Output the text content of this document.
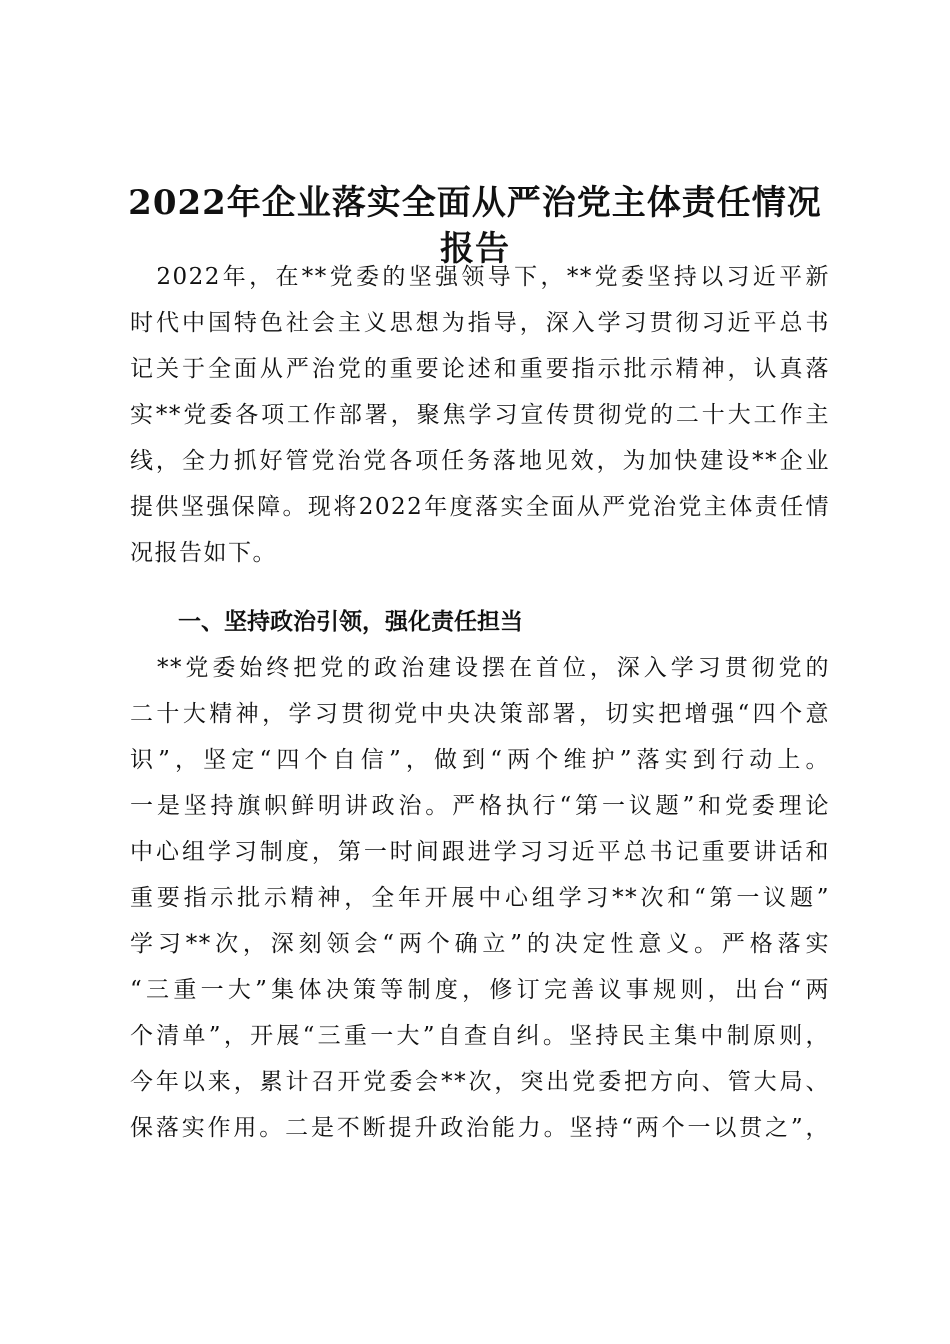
2022年企业落实全面从严治党主体责任情况
报告
　2022年，在**党委的坚强领导下，**党委坚持以习近平新
时代中国特色社会主义思想为指导，深入学习贯彻习近平总书
记关于全面从严治党的重要论述和重要指示批示精神，认真落
实**党委各项工作部署，聚焦学习宣传贯彻党的二十大工作主
线，全力抓好管党治党各项任务落地见效，为加快建设**企业
提供坚强保障。现将2022年度落实全面从严党治党主体责任情
况报告如下。
一、坚持政治引领，强化责任担当
　**党委始终把党的政治建设摆在首位，深入学习贯彻党的
二十大精神，学习贯彻党中央决策部署，切实把增强“四个意
识”，坚定“四个自信”，做到“两个维护”落实到行动上。
一是坚持旗帜鲜明讲政治。严格执行“第一议题”和党委理论
中心组学习制度，第一时间跟进学习习近平总书记重要讲话和
重要指示批示精神，全年开展中心组学习**次和“第一议题”
学习**次，深刻领会“两个确立”的决定性意义。严格落实
“三重一大”集体决策等制度，修订完善议事规则，出台“两
个清单”，开展“三重一大”自查自纠。坚持民主集中制原则，
今年以来，累计召开党委会**次，突出党委把方向、管大局、
保落实作用。二是不断提升政治能力。坚持“两个一以贯之”，
